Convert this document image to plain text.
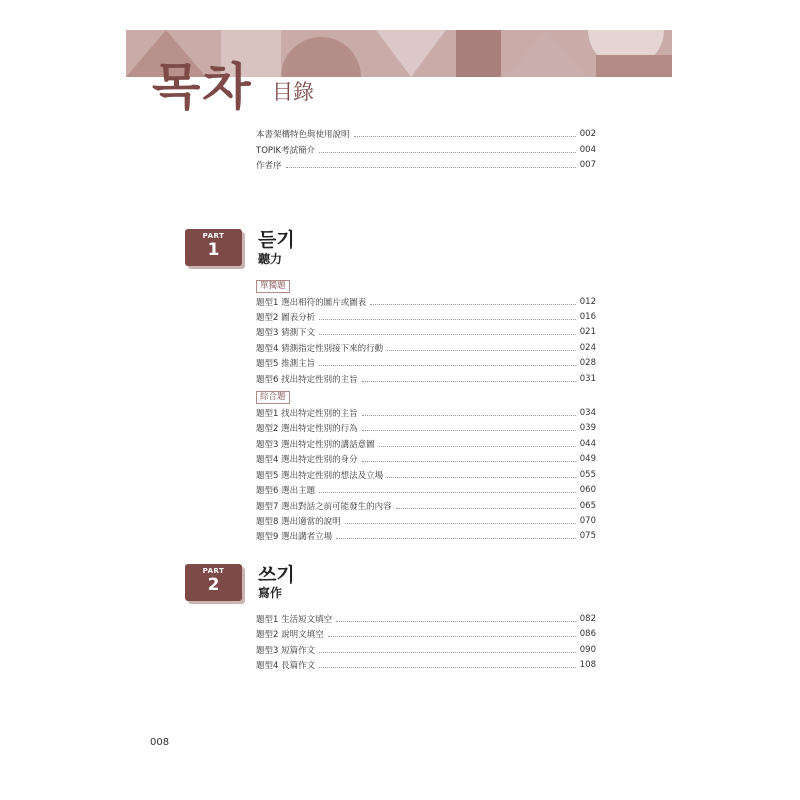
목차 目錄
本書架構特色與使用說明	002
TOPIK考試簡介	004
作者序	007
PART
1	듣기
聽力
單獨題
題型1 選出相符的圖片或圖表	012
題型2 圖表分析	016
題型3 猜測下文	021
題型4 猜測指定性別接下來的行動	024
題型5 推測主旨	028
題型6 找出特定性別的主旨	031
綜合題
題型1 找出特定性別的主旨	034
題型2 選出特定性別的行為	039
題型3 選出特定性別的講話意圖	044
題型4 選出特定性別的身分	049
題型5 選出特定性別的想法及立場	055
題型6 選出主題	060
題型7 選出對話之前可能發生的內容	065
題型8 選出適當的說明	070
題型9 選出講者立場	075
PART
2	쓰기
寫作
題型1 生活短文填空	082
題型2 說明文填空	086
題型3 短篇作文	090
題型4 長篇作文	108
008
